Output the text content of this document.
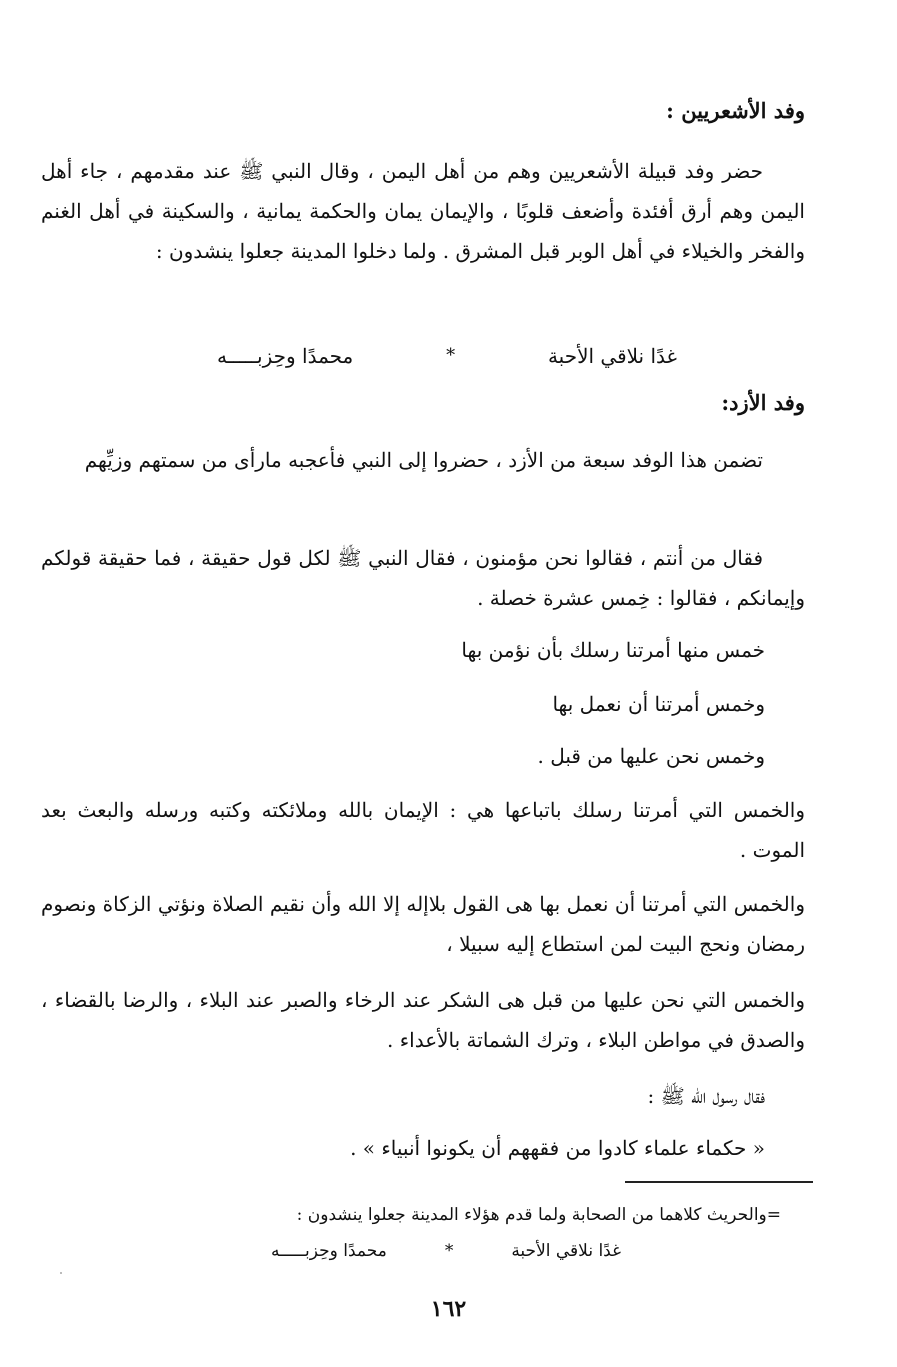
وفد الأشعريين :

حضر وفد قبيلة الأشعريين وهم من أهل اليمن ، وقال النبي ﷺ عند مقدمهم ، جاء أهل اليمن وهم أرق أفئدة وأضعف قلوبًا ، والإيمان يمان والحكمة يمانية ، والسكينة في أهل الغنم والفخر والخيلاء في أهل الوبر قبل المشرق . ولما دخلوا المدينة جعلوا ينشدون :

غدًا نلاقي الأحبة
*
محمدًا وحِزبـــــه
وفد الأزد:

تضمن هذا الوفد سبعة من الأزد ، حضروا إلى النبي فأعجبه مارأى من سمتهم وزيِّهم

فقال من أنتم ، فقالوا نحن مؤمنون ، فقال النبي ﷺ لكل قول حقيقة ، فما حقيقة قولكم وإيمانكم ، فقالوا : خِمس عشرة خصلة .

خمس منها أمرتنا رسلك بأن نؤمن بها

وخمس أمرتنا أن نعمل بها

وخمس نحن عليها من قبل .

والخمس التي أمرتنا رسلك باتباعها هي : الإيمان بالله وملائكته وكتبه ورسله والبعث بعد الموت .

والخمس التي أمرتنا أن نعمل بها هى القول بلاإله إلا الله وأن نقيم الصلاة ونؤتي الزكاة ونصوم رمضان ونحج البيت لمن استطاع إليه سبيلا ،

والخمس التي نحن عليها من قبل هى الشكر عند الرخاء والصبر عند البلاء ، والرضا بالقضاء ، والصدق في مواطن البلاء ، وترك الشماتة بالأعداء .

فقال رسول الله ﷺ :

« حكماء علماء كادوا من فقههم أن يكونوا أنبياء » .

=والحريث كلاهما من الصحابة ولما قدم هؤلاء المدينة جعلوا ينشدون :

غدًا نلاقي الأحبة
*
محمدًا وحِزبـــــه
١٦٢
